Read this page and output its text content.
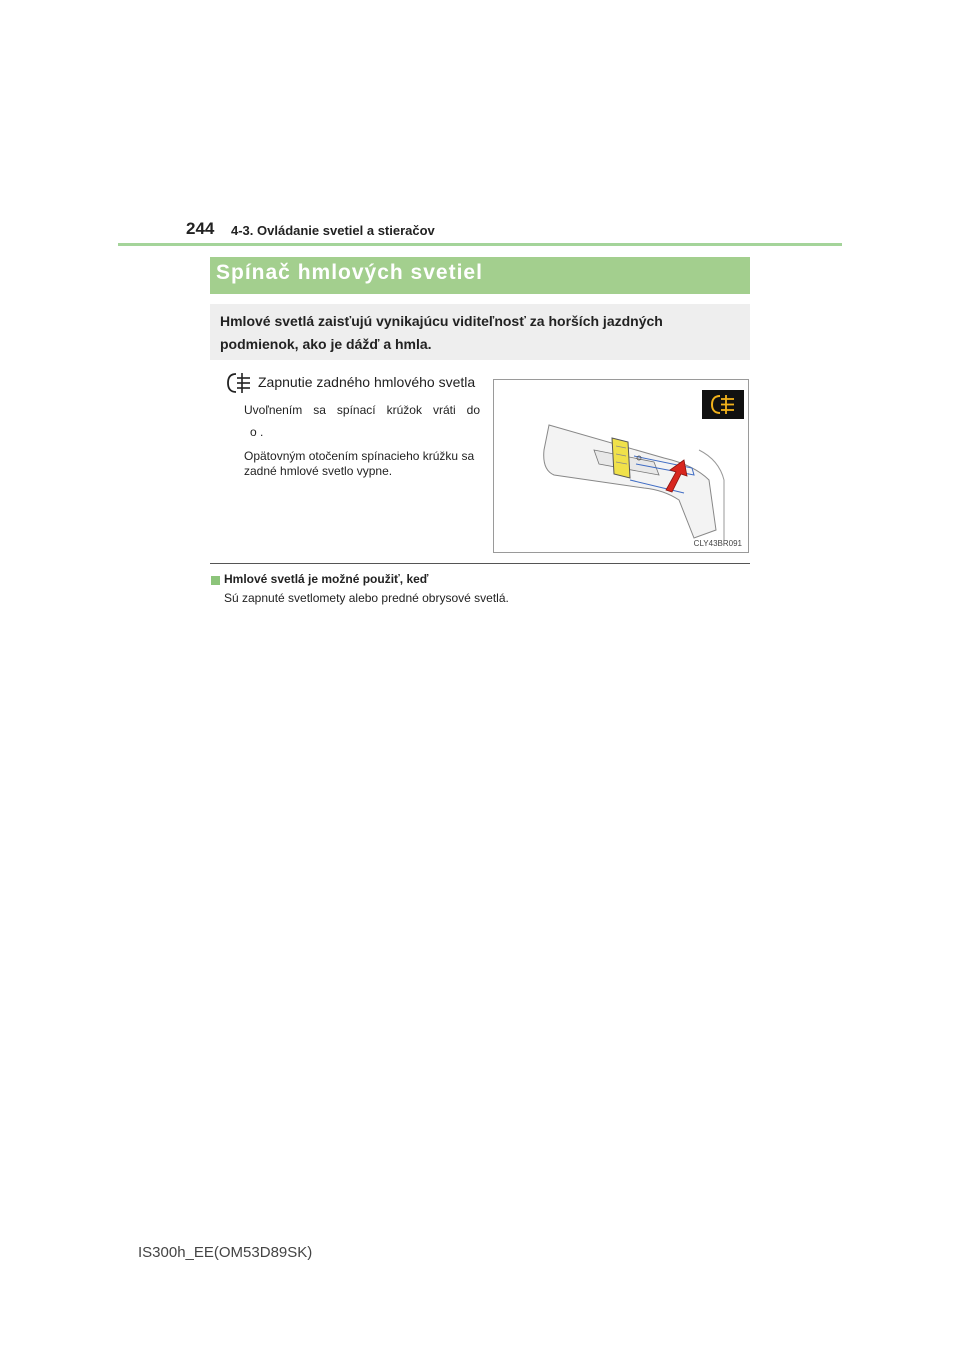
244 4-3. Ovládanie svetiel a stieračov
Spínač hmlových svetiel
Hmlové svetlá zaisťujú vynikajúcu viditeľnosť za horších jazdných podmienok, ako je dážď a hmla.
Zapnutie zadného hmlového svetla
Uvoľnením sa spínací krúžok vráti do
o .
Opätovným otočením spínacieho krúžku sa zadné hmlové svetlo vypne.
CLY43BR091
Hmlové svetlá je možné použiť, keď
Sú zapnuté svetlomety alebo predné obrysové svetlá.
IS300h_EE(OM53D89SK)
